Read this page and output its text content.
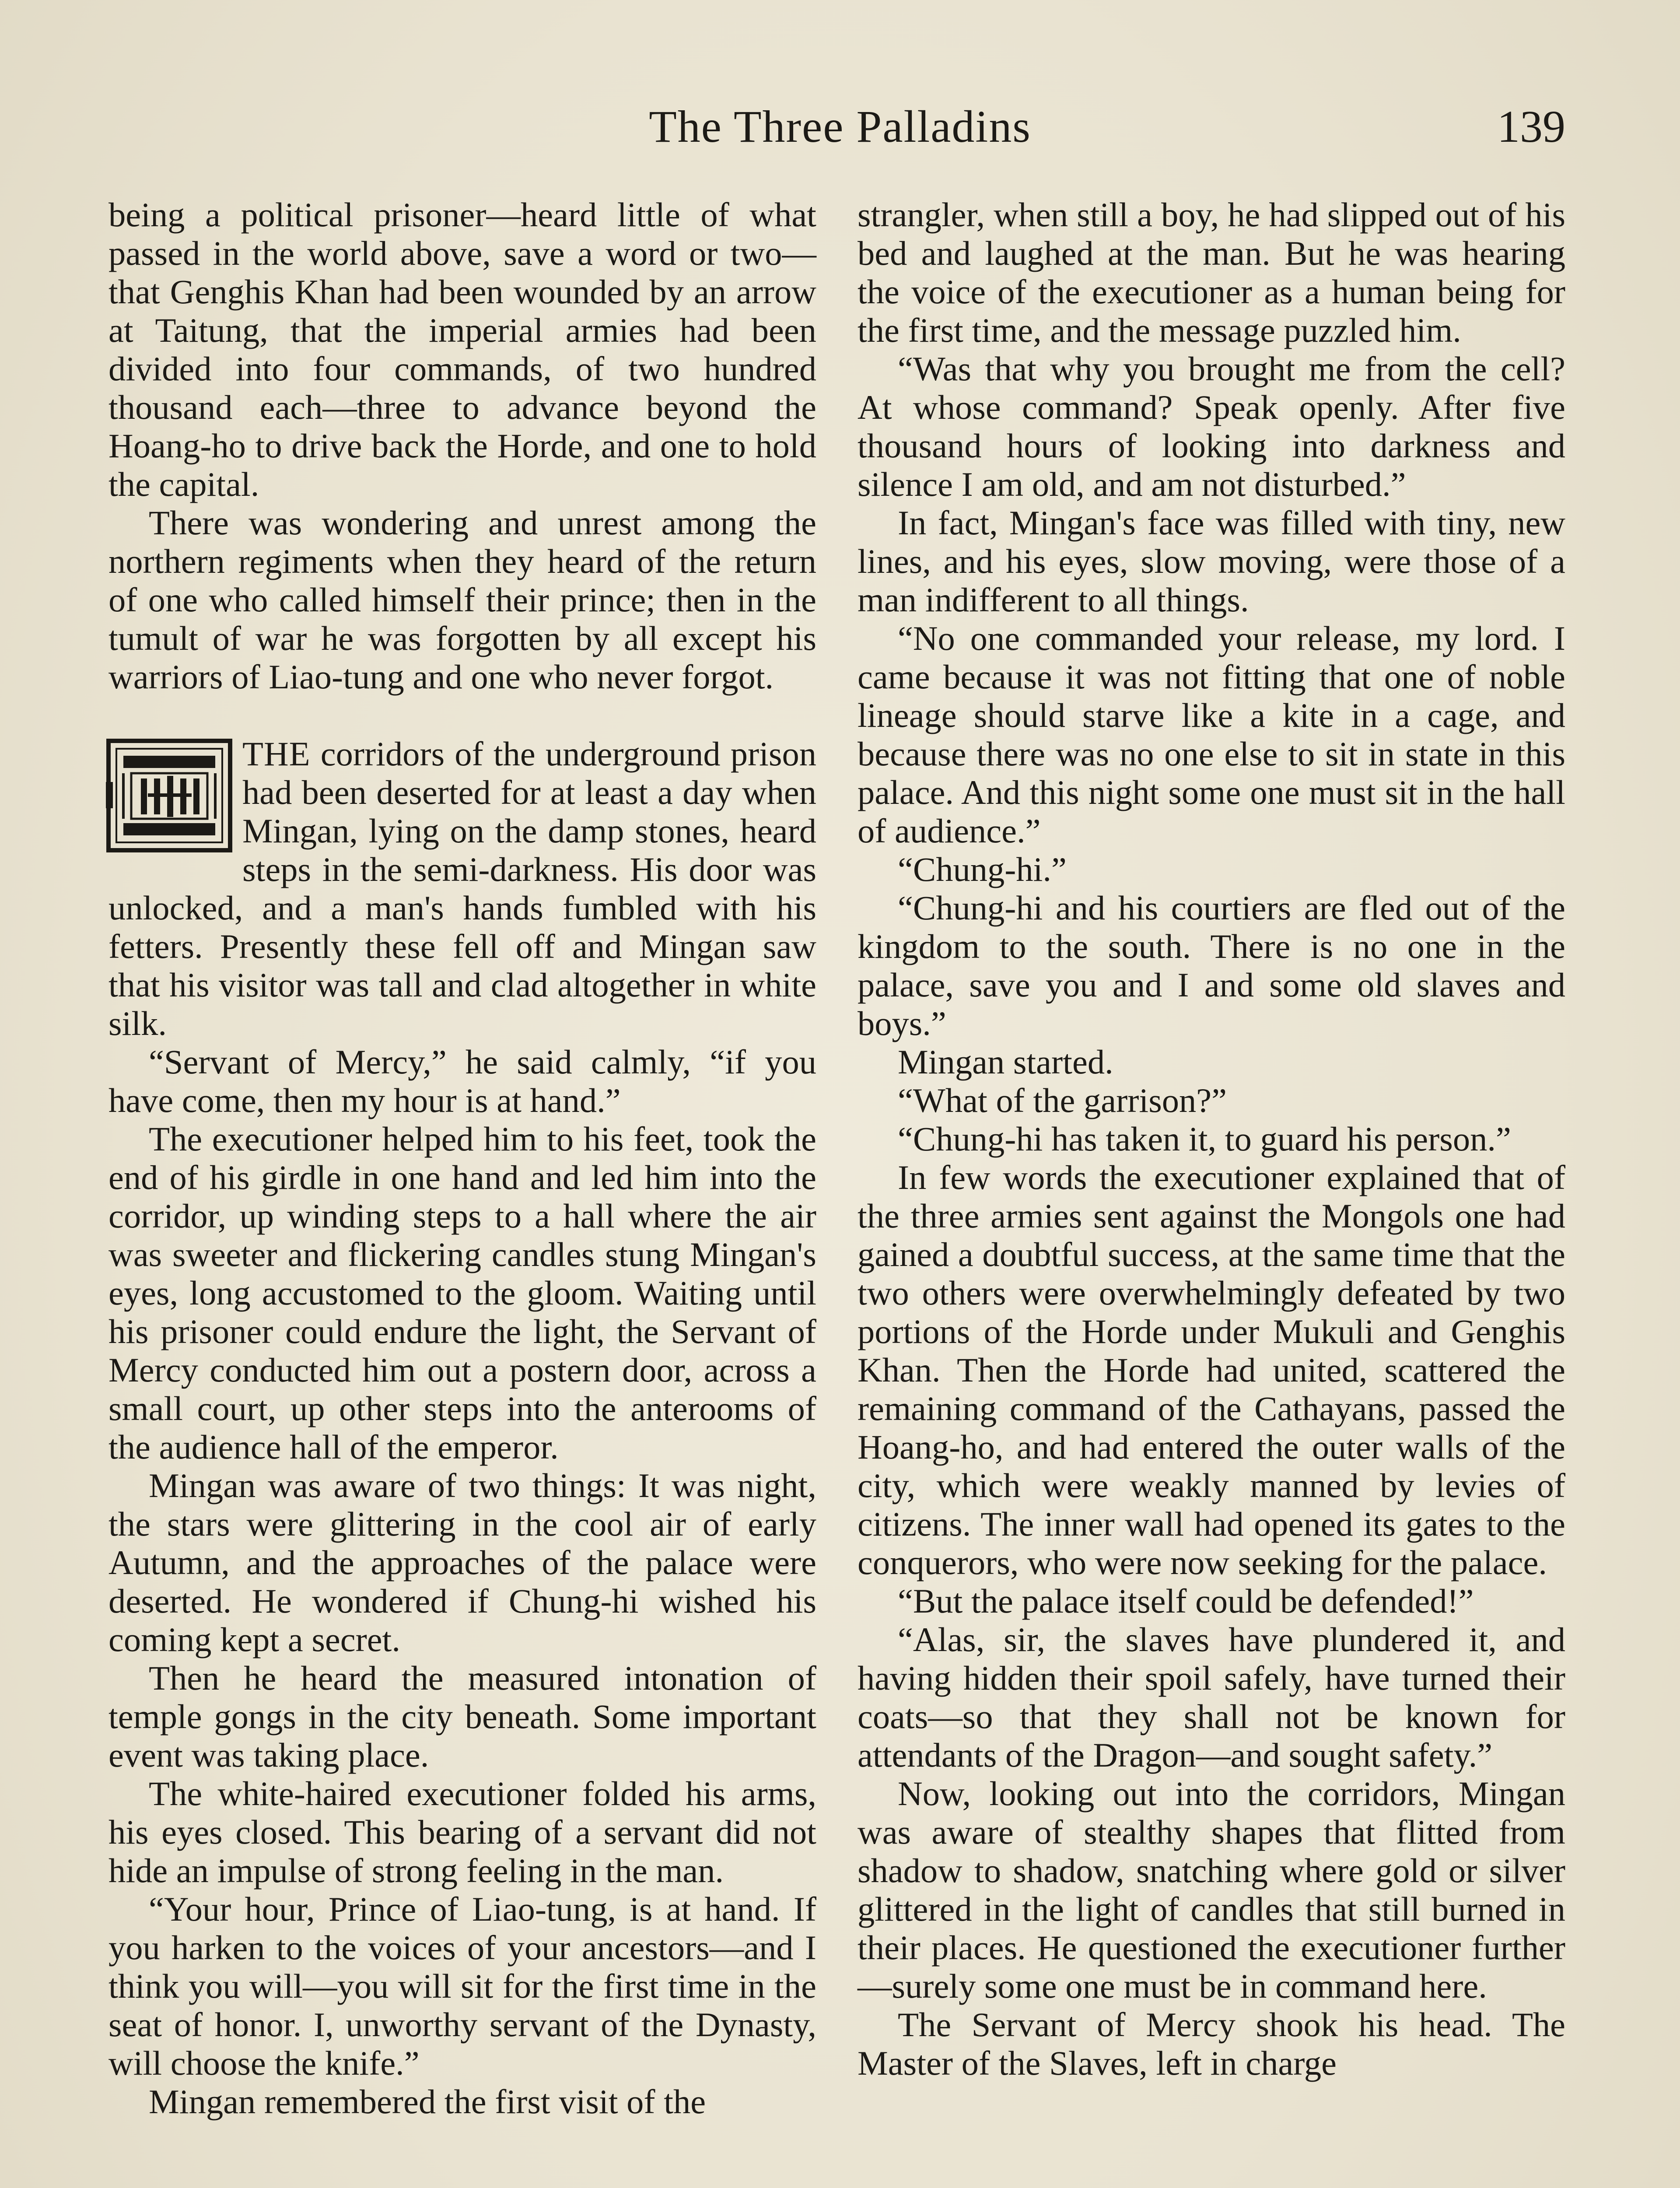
The Three Palladins	139

being a political prisoner—heard little of what passed in the world above, save a word or two—that Genghis Khan had been wounded by an arrow at Taitung, that the imperial armies had been divided into four commands, of two hundred thousand each—three to advance beyond the Hoang-ho to drive back the Horde, and one to hold the capital.

There was wondering and unrest among the northern regiments when they heard of the return of one who called himself their prince; then in the tumult of war he was forgotten by all except his warriors of Liao-tung and one who never forgot.

THE corridors of the underground prison had been deserted for at least a day when Mingan, lying on the damp stones, heard steps in the semi-darkness. His door was unlocked, and a man's hands fumbled with his fetters. Presently these fell off and Mingan saw that his visitor was tall and clad altogether in white silk.

“Servant of Mercy,” he said calmly, “if you have come, then my hour is at hand.”

The executioner helped him to his feet, took the end of his girdle in one hand and led him into the corridor, up winding steps to a hall where the air was sweeter and flickering candles stung Mingan's eyes, long accustomed to the gloom. Waiting until his prisoner could endure the light, the Servant of Mercy conducted him out a postern door, across a small court, up other steps into the anterooms of the audience hall of the emperor.

Mingan was aware of two things: It was night, the stars were glittering in the cool air of early Autumn, and the approaches of the palace were deserted. He wondered if Chung-hi wished his coming kept a secret.

Then he heard the measured intonation of temple gongs in the city beneath. Some important event was taking place.

The white-haired executioner folded his arms, his eyes closed. This bearing of a servant did not hide an impulse of strong feeling in the man.

“Your hour, Prince of Liao-tung, is at hand. If you harken to the voices of your ancestors—and I think you will—you will sit for the first time in the seat of honor. I, unworthy servant of the Dynasty, will choose the knife.”

Mingan remembered the first visit of the

strangler, when still a boy, he had slipped out of his bed and laughed at the man. But he was hearing the voice of the executioner as a human being for the first time, and the message puzzled him.

“Was that why you brought me from the cell? At whose command? Speak openly. After five thousand hours of looking into darkness and silence I am old, and am not disturbed.”

In fact, Mingan's face was filled with tiny, new lines, and his eyes, slow moving, were those of a man indifferent to all things.

“No one commanded your release, my lord. I came because it was not fitting that one of noble lineage should starve like a kite in a cage, and because there was no one else to sit in state in this palace. And this night some one must sit in the hall of audience.”

“Chung-hi.”

“Chung-hi and his courtiers are fled out of the kingdom to the south. There is no one in the palace, save you and I and some old slaves and boys.”

Mingan started.

“What of the garrison?”

“Chung-hi has taken it, to guard his person.”

In few words the executioner explained that of the three armies sent against the Mongols one had gained a doubtful success, at the same time that the two others were overwhelmingly defeated by two portions of the Horde under Mukuli and Genghis Khan. Then the Horde had united, scattered the remaining command of the Cathayans, passed the Hoang-ho, and had entered the outer walls of the city, which were weakly manned by levies of citizens. The inner wall had opened its gates to the conquerors, who were now seeking for the palace.

“But the palace itself could be defended!”

“Alas, sir, the slaves have plundered it, and having hidden their spoil safely, have turned their coats—so that they shall not be known for attendants of the Dragon—and sought safety.”

Now, looking out into the corridors, Mingan was aware of stealthy shapes that flitted from shadow to shadow, snatching where gold or silver glittered in the light of candles that still burned in their places. He questioned the executioner further—surely some one must be in command here.

The Servant of Mercy shook his head. The Master of the Slaves, left in charge
